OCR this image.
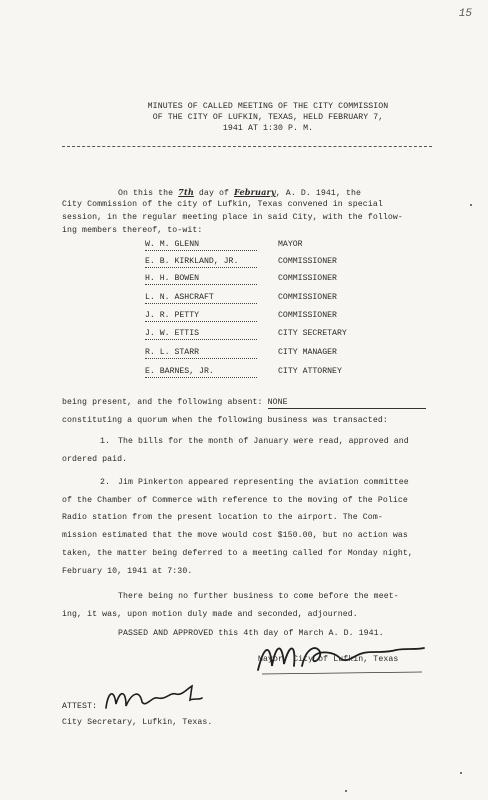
15
MINUTES OF CALLED MEETING OF THE CITY COMMISSION
OF THE CITY OF LUFKIN, TEXAS, HELD FEBRUARY 7,
1941 AT 1:30 P. M.
On this the 7th day of February, A. D. 1941, the
City Commission of the city of Lufkin, Texas convened in special
session, in the regular meeting place in said City, with the follow-
ing members thereof, to-wit:
W. M. GLENN	MAYOR
E. B. KIRKLAND, JR.	COMMISSIONER
H. H. BOWEN	COMMISSIONER
L. N. ASHCRAFT	COMMISSIONER
J. R. PETTY	COMMISSIONER
J. W. ETTIS	CITY SECRETARY
R. L. STARR	CITY MANAGER
E. BARNES, JR.	CITY ATTORNEY
being present, and the following absent: NONE
constituting a quorum when the following business was transacted:
1. The bills for the month of January were read, approved and
ordered paid.
2. Jim Pinkerton appeared representing the aviation committee
of the Chamber of Commerce with reference to the moving of the Police
Radio station from the present location to the airport. The Com-
mission estimated that the move would cost $150.00, but no action was
taken, the matter being deferred to a meeting called for Monday night,
February 10, 1941 at 7:30.
There being no further business to come before the meet-
ing, it was, upon motion duly made and seconded, adjourned.
PASSED AND APPROVED this 4th day of March A. D. 1941.
Mayor, City of Lufkin, Texas
ATTEST:
City Secretary, Lufkin, Texas.
